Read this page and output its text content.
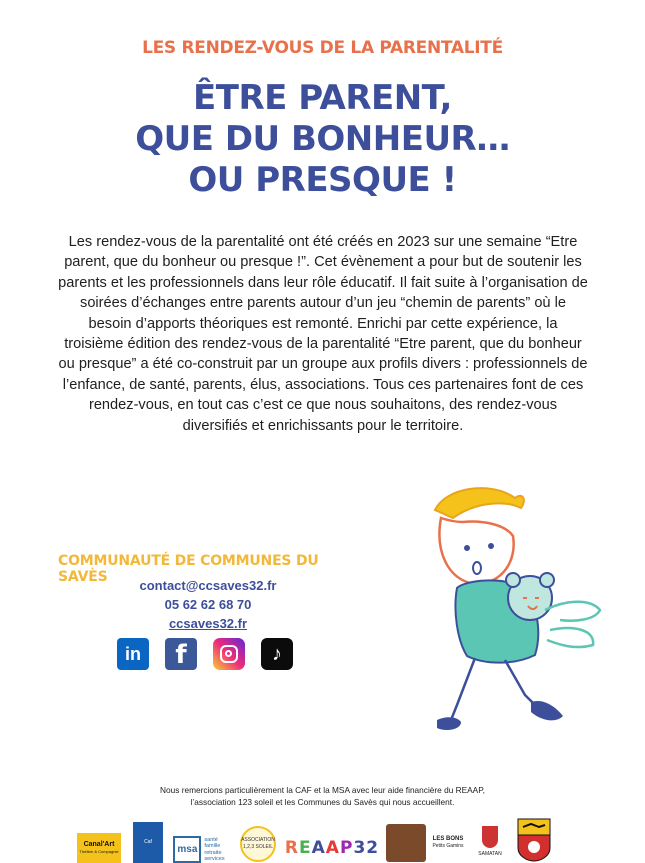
LES RENDEZ-VOUS DE LA PARENTALITÉ
ÊTRE PARENT,
QUE DU BONHEUR…
OU PRESQUE !
Les rendez-vous de la parentalité ont été créés en 2023 sur une semaine “Etre parent, que du bonheur ou presque !”. Cet évènement a pour but de soutenir les parents et les professionnels dans leur rôle éducatif. Il fait suite à l’organisation de soirées d’échanges entre parents autour d’un jeu “chemin de parents” où le besoin d’apports théoriques est remonté. Enrichi par cette expérience, la troisième édition des rendez-vous de la parentalité “Etre parent, que du bonheur ou presque” a été co-construit par un groupe aux profils divers : professionnels de l’enfance, de santé, parents, élus, associations. Tous ces partenaires font de ces rendez-vous, en tout cas c’est ce que nous souhaitons, des rendez-vous diversifiés et enrichissants pour le territoire.
COMMUNAUTÉ DE COMMUNES DU SAVÈS
contact@ccsaves32.fr
05 62 62 68 70
ccsaves32.fr
in	f	♪
Nous remercions particulièrement la CAF et la MSA avec leur aide financière du REAAP,
l’association 123 soleil et les Communes du Savès qui nous accueillent.
Canal'Art
Théâtre & Compagnie
Caf
msa
santé
famille
retraite
services
ASSOCIATION 1,2,3 SOLEIL R E A A P 32	LES BONS
Petits Gamins
SAMATAN
